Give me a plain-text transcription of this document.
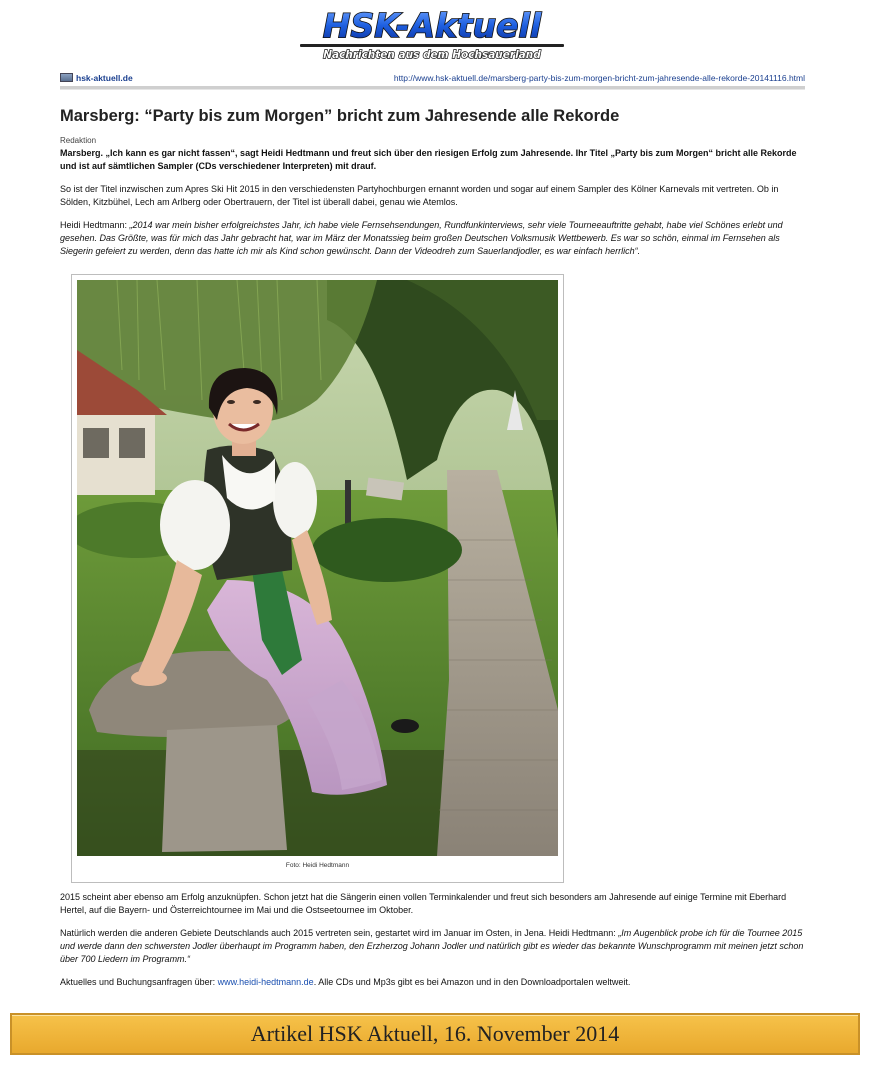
HSK-Aktuell
Nachrichten aus dem Hochsauerland
hsk-aktuell.de	http://www.hsk-aktuell.de/marsberg-party-bis-zum-morgen-bricht-zum-jahresende-alle-rekorde-20141116.html
Marsberg: “Party bis zum Morgen” bricht zum Jahresende alle Rekorde
Redaktion

Marsberg. „Ich kann es gar nicht fassen“, sagt Heidi Hedtmann und freut sich über den riesigen Erfolg zum Jahresende. Ihr Titel „Party bis zum Morgen“ bricht alle Rekorde und ist auf sämtlichen Sampler (CDs verschiedener Interpreten) mit drauf.

So ist der Titel inzwischen zum Apres Ski Hit 2015 in den verschiedensten Partyhochburgen ernannt worden und sogar auf einem Sampler des Kölner Karnevals mit vertreten. Ob in Sölden, Kitzbühel, Lech am Arlberg oder Obertrauern, der Titel ist überall dabei, genau wie Atemlos.

Heidi Hedtmann: „2014 war mein bisher erfolgreichstes Jahr, ich habe viele Fernsehsendungen, Rundfunkinterviews, sehr viele Tourneeauftritte gehabt, habe viel Schönes erlebt und gesehen. Das Größte, was für mich das Jahr gebracht hat, war im März der Monatssieg beim großen Deutschen Volksmusik Wettbewerb. Es war so schön, einmal im Fernsehen als Siegerin gefeiert zu werden, denn das hatte ich mir als Kind schon gewünscht. Dann der Videodreh zum Sauerlandjodler, es war einfach herrlich“.

Foto: Heidi Hedtmann

2015 scheint aber ebenso am Erfolg anzuknüpfen. Schon jetzt hat die Sängerin einen vollen Terminkalender und freut sich besonders am Jahresende auf einige Termine mit Eberhard Hertel, auf die Bayern- und Österreichtournee im Mai und die Ostseetournee im Oktober.

Natürlich werden die anderen Gebiete Deutschlands auch 2015 vertreten sein, gestartet wird im Januar im Osten, in Jena. Heidi Hedtmann: „Im Augenblick probe ich für die Tournee 2015 und werde dann den schwersten Jodler überhaupt im Programm haben, den Erzherzog Johann Jodler und natürlich gibt es wieder das bekannte Wunschprogramm mit meinen jetzt schon über 700 Liedern im Programm.“

Aktuelles und Buchungsanfragen über: www.heidi-hedtmann.de. Alle CDs und Mp3s gibt es bei Amazon und in den Downloadportalen weltweit.

Artikel HSK Aktuell, 16. November 2014
